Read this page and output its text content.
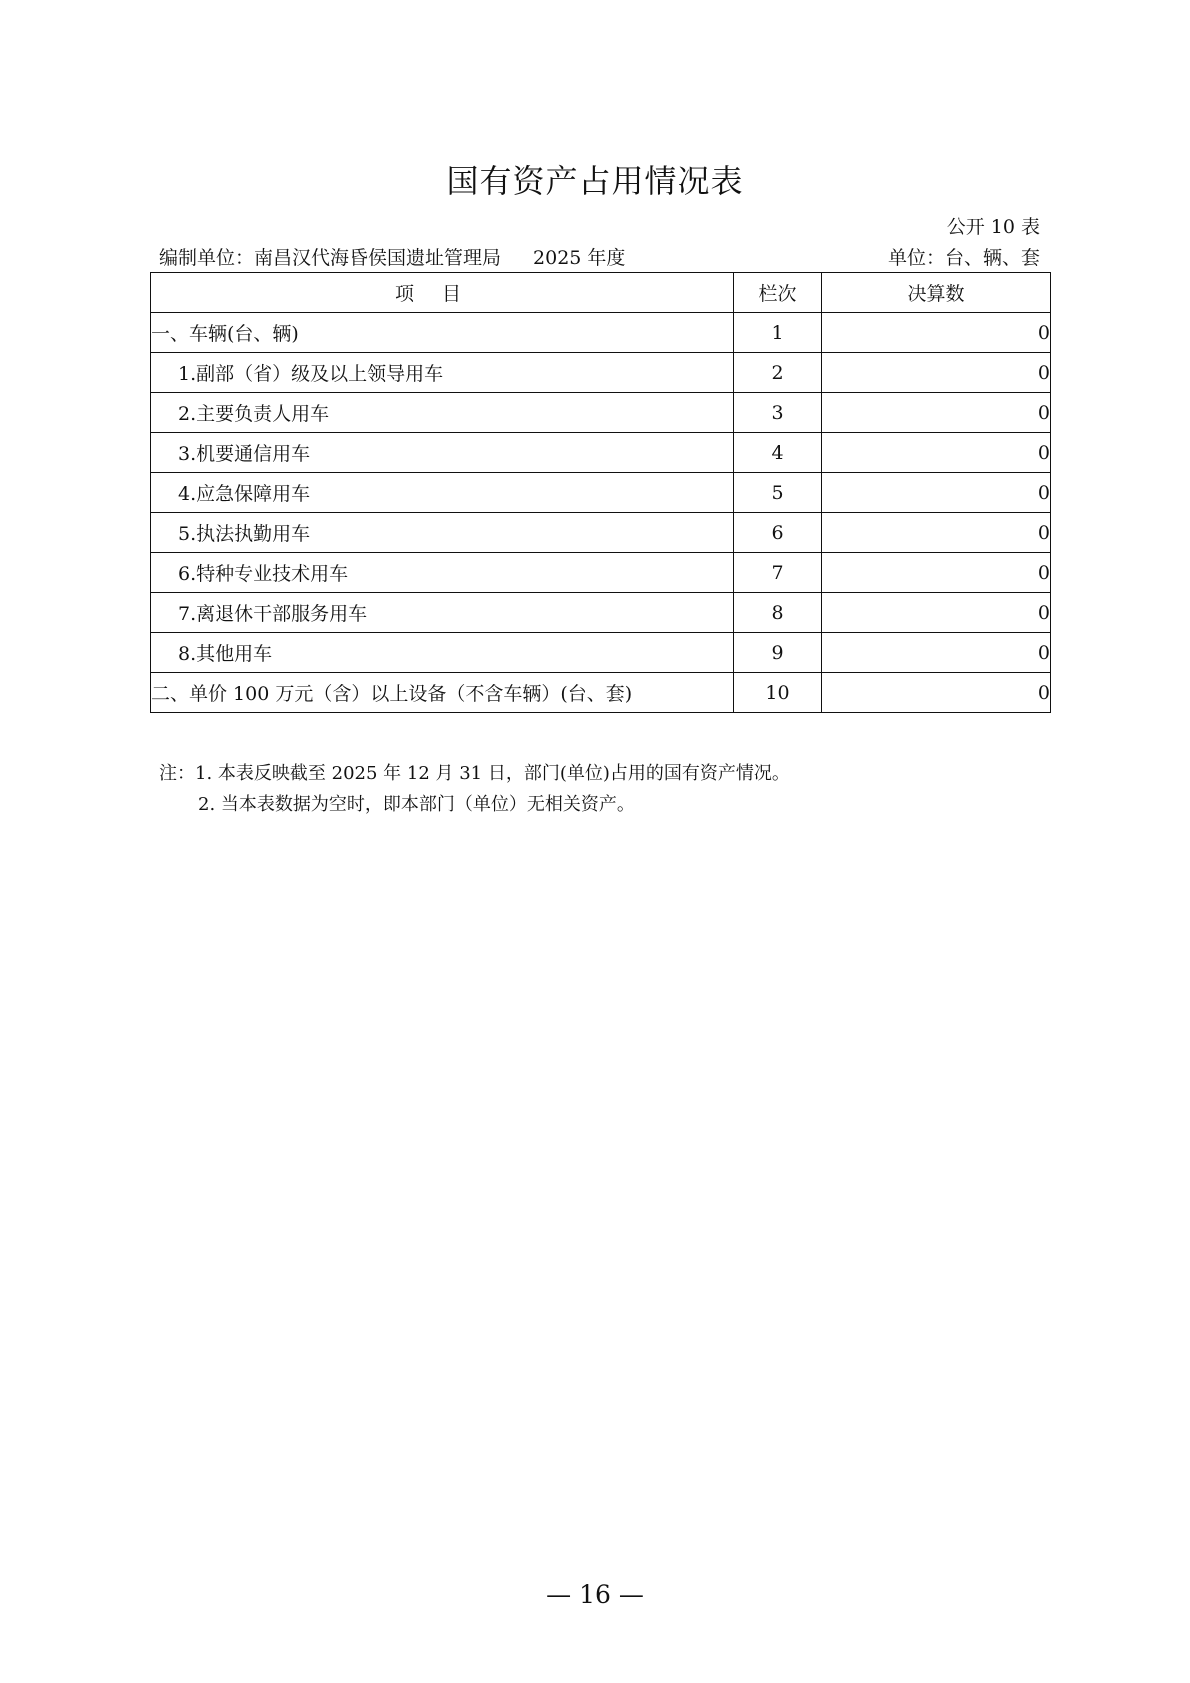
国有资产占用情况表
公开 10 表
编制单位：南昌汉代海昏侯国遗址管理局 2025 年度	单位：台、辆、套
项目	栏次	决算数
一、车辆(台、辆)	1	0
1.副部（省）级及以上领导用车	2	0
2.主要负责人用车	3	0
3.机要通信用车	4	0
4.应急保障用车	5	0
5.执法执勤用车	6	0
6.特种专业技术用车	7	0
7.离退休干部服务用车	8	0
8.其他用车	9	0
二、单价 100 万元（含）以上设备（不含车辆）(台、套)	10	0
注：1. 本表反映截至 2025 年 12 月 31 日，部门(单位)占用的国有资产情况。
2. 当本表数据为空时，即本部门（单位）无相关资产。
— 16 —
